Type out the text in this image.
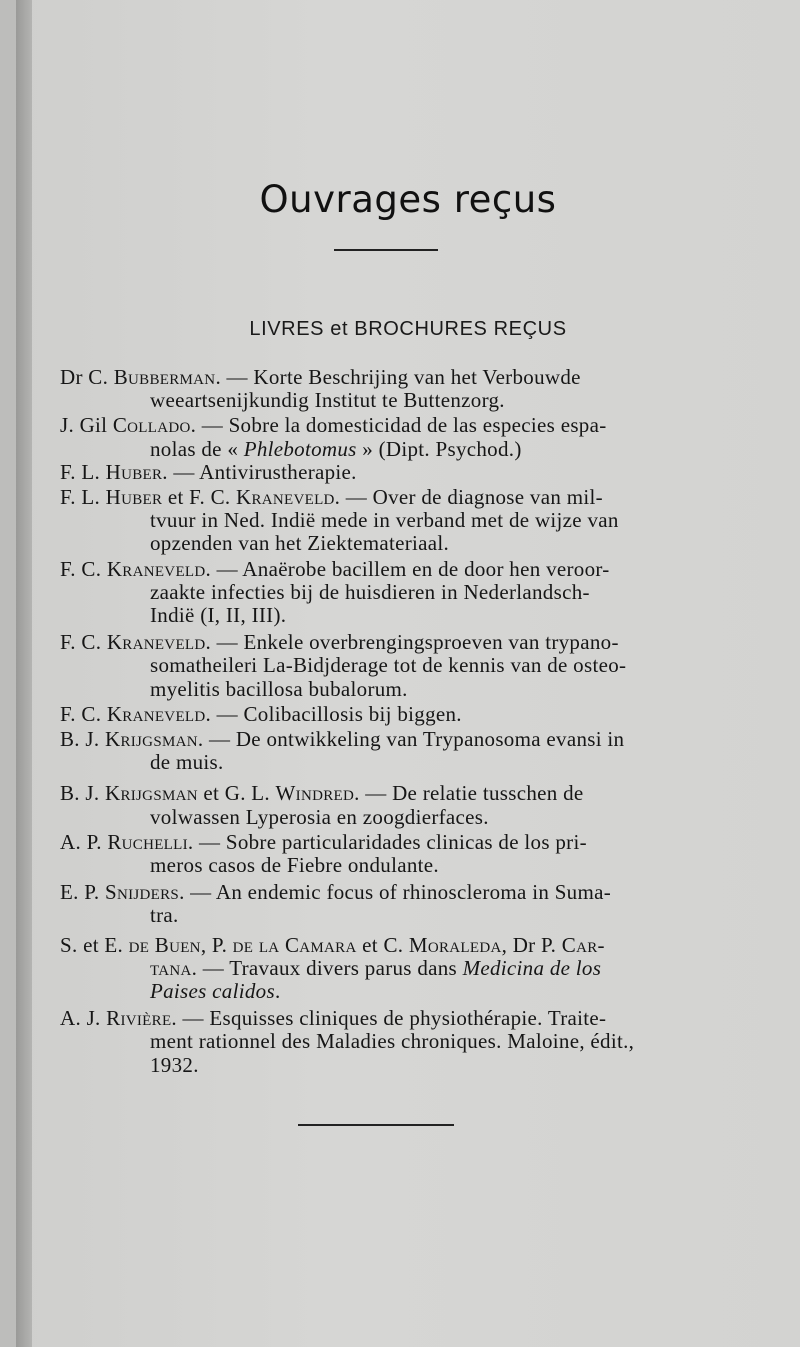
Ouvrages reçus
LIVRES et BROCHURES REÇUS
Dr C. Bubberman. — Korte Beschrijing van het Verbouwde
weeartsenijkundig Institut te Buttenzorg.
J. Gil Collado. — Sobre la domesticidad de las especies espa-
nolas de « Phlebotomus » (Dipt. Psychod.)
F. L. Huber. — Antivirustherapie.
F. L. Huber et F. C. Kraneveld. — Over de diagnose van mil-
tvuur in Ned. Indië mede in verband met de wijze van
opzenden van het Ziektemateriaal.
F. C. Kraneveld. — Anaërobe bacillem en de door hen veroor-
zaakte infecties bij de huisdieren in Nederlandsch-
Indië (I, II, III).
F. C. Kraneveld. — Enkele overbrengingsproeven van trypano-
somatheileri La-Bidjderage tot de kennis van de osteo-
myelitis bacillosa bubalorum.
F. C. Kraneveld. — Colibacillosis bij biggen.
B. J. Krijgsman. — De ontwikkeling van Trypanosoma evansi in
de muis.
B. J. Krijgsman et G. L. Windred. — De relatie tusschen de
volwassen Lyperosia en zoogdierfaces.
A. P. Ruchelli. — Sobre particularidades clinicas de los pri-
meros casos de Fiebre ondulante.
E. P. Snijders. — An endemic focus of rhinoscleroma in Suma-
tra.
S. et E. de Buen, P. de la Camara et C. Moraleda, Dr P. Car-
tana. — Travaux divers parus dans Medicina de los
Paises calidos.
A. J. Rivière. — Esquisses cliniques de physiothérapie. Traite-
ment rationnel des Maladies chroniques. Maloine, édit.,
1932.
